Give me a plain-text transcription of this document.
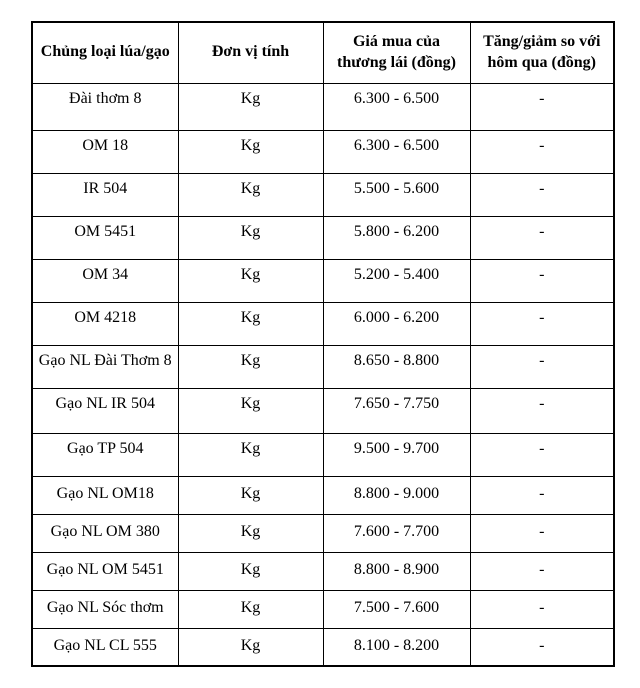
Chủng loại lúa/gạo	Đơn vị tính	Giá mua của thương lái (đồng)	Tăng/giảm so với hôm qua (đồng)
Đài thơm 8	Kg	6.300 - 6.500	-
OM 18	Kg	6.300 - 6.500	-
IR 504	Kg	5.500 - 5.600	-
OM 5451	Kg	5.800 - 6.200	-
OM 34	Kg	5.200 - 5.400	-
OM 4218	Kg	6.000 - 6.200	-
Gạo NL Đài Thơm 8	Kg	8.650 - 8.800	-
Gạo NL IR 504	Kg	7.650 - 7.750	-
Gạo TP 504	Kg	9.500 - 9.700	-
Gạo NL OM18	Kg	8.800 - 9.000	-
Gạo NL OM 380	Kg	7.600 - 7.700	-
Gạo NL OM 5451	Kg	8.800 - 8.900	-
Gạo NL Sóc thơm	Kg	7.500 - 7.600	-
Gạo NL CL 555	Kg	8.100 - 8.200	-
